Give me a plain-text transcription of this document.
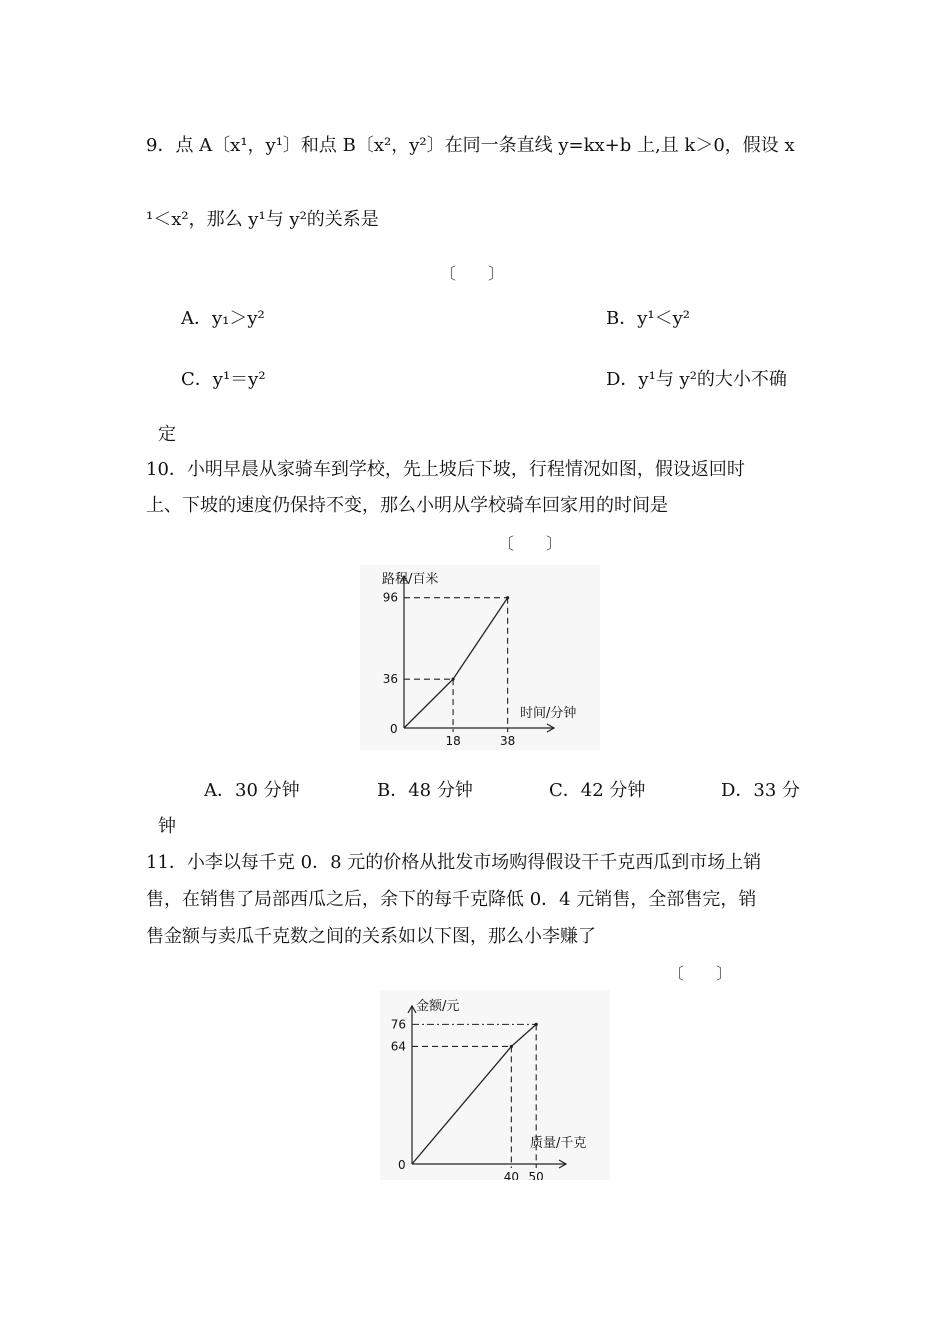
9．点 A〔x¹，y¹〕和点 B〔x²，y²〕在同一条直线 y=kx+b 上,且 k＞0，假设 x
¹＜x²，那么 y¹与 y²的关系是
〔　　〕
A．y₁＞y²	B．y¹＜y²
C．y¹＝y²	D．y¹与 y²的大小不确
定
10．小明早晨从家骑车到学校，先上坡后下坡，行程情况如图，假设返回时
上、下坡的速度仍保持不变，那么小明从学校骑车回家用的时间是
〔　　〕
路程/百米
时间/分钟
0
18	38
36
96
A．30 分钟	B．48 分钟	C．42 分钟	D．33 分
钟
11．小李以每千克 0．8 元的价格从批发市场购得假设干千克西瓜到市场上销
售，在销售了局部西瓜之后，余下的每千克降低 0．4 元销售，全部售完，销
售金额与卖瓜千克数之间的关系如以下图，那么小李赚了
〔　　〕
金额/元
质量/千克
0
40 50
76
64
